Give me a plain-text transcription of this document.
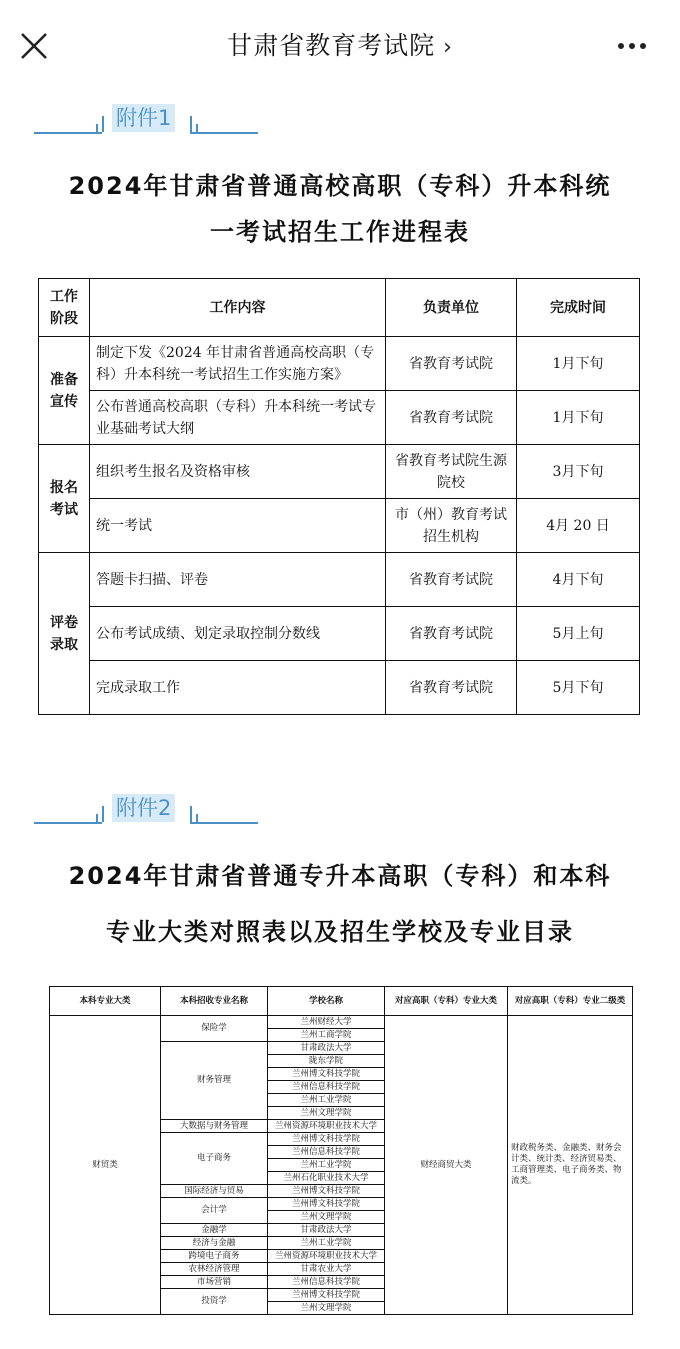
甘肃省教育考试院 ›
附件1
2024年甘肃省普通高校高职（专科）升本科统
一考试招生工作进程表
工作阶段	工作内容	负责单位	完成时间
准备宣传	制定下发《2024 年甘肃省普通高校高职（专科）升本科统一考试招生工作实施方案》	省教育考试院	1月下旬
	公布普通高校高职（专科）升本科统一考试专业基础考试大纲	省教育考试院	1月下旬
报名考试	组织考生报名及资格审核	省教育考试院生源院校	3月下旬
	统一考试	市（州）教育考试招生机构	4月 20 日
评卷录取	答题卡扫描、评卷	省教育考试院	4月下旬
	公布考试成绩、划定录取控制分数线	省教育考试院	5月上旬
	完成录取工作	省教育考试院	5月下旬
附件2
2024年甘肃省普通专升本高职（专科）和本科
专业大类对照表以及招生学校及专业目录
本科专业大类	本科招收专业名称	学校名称	对应高职（专科）专业大类	对应高职（专科）专业二级类
财贸类	保险学	兰州财经大学	财经商贸大类	财政税务类、金融类、财务会计类、统计类、经济贸易类、工商管理类、电子商务类、物流类。
		兰州工商学院		
	财务管理	甘肃政法大学		
		陇东学院		
		兰州博文科技学院		
		兰州信息科技学院		
		兰州工业学院		
		兰州文理学院		
	大数据与财务管理	兰州资源环境职业技术大学		
	电子商务	兰州博文科技学院		
		兰州信息科技学院		
		兰州工业学院		
		兰州石化职业技术大学		
	国际经济与贸易	兰州博文科技学院		
	会计学	兰州博文科技学院		
		兰州文理学院		
	金融学	甘肃政法大学		
	经济与金融	兰州工业学院		
	跨境电子商务	兰州资源环境职业技术大学		
	农林经济管理	甘肃农业大学		
	市场营销	兰州信息科技学院		
	投资学	兰州博文科技学院		
		兰州文理学院		
